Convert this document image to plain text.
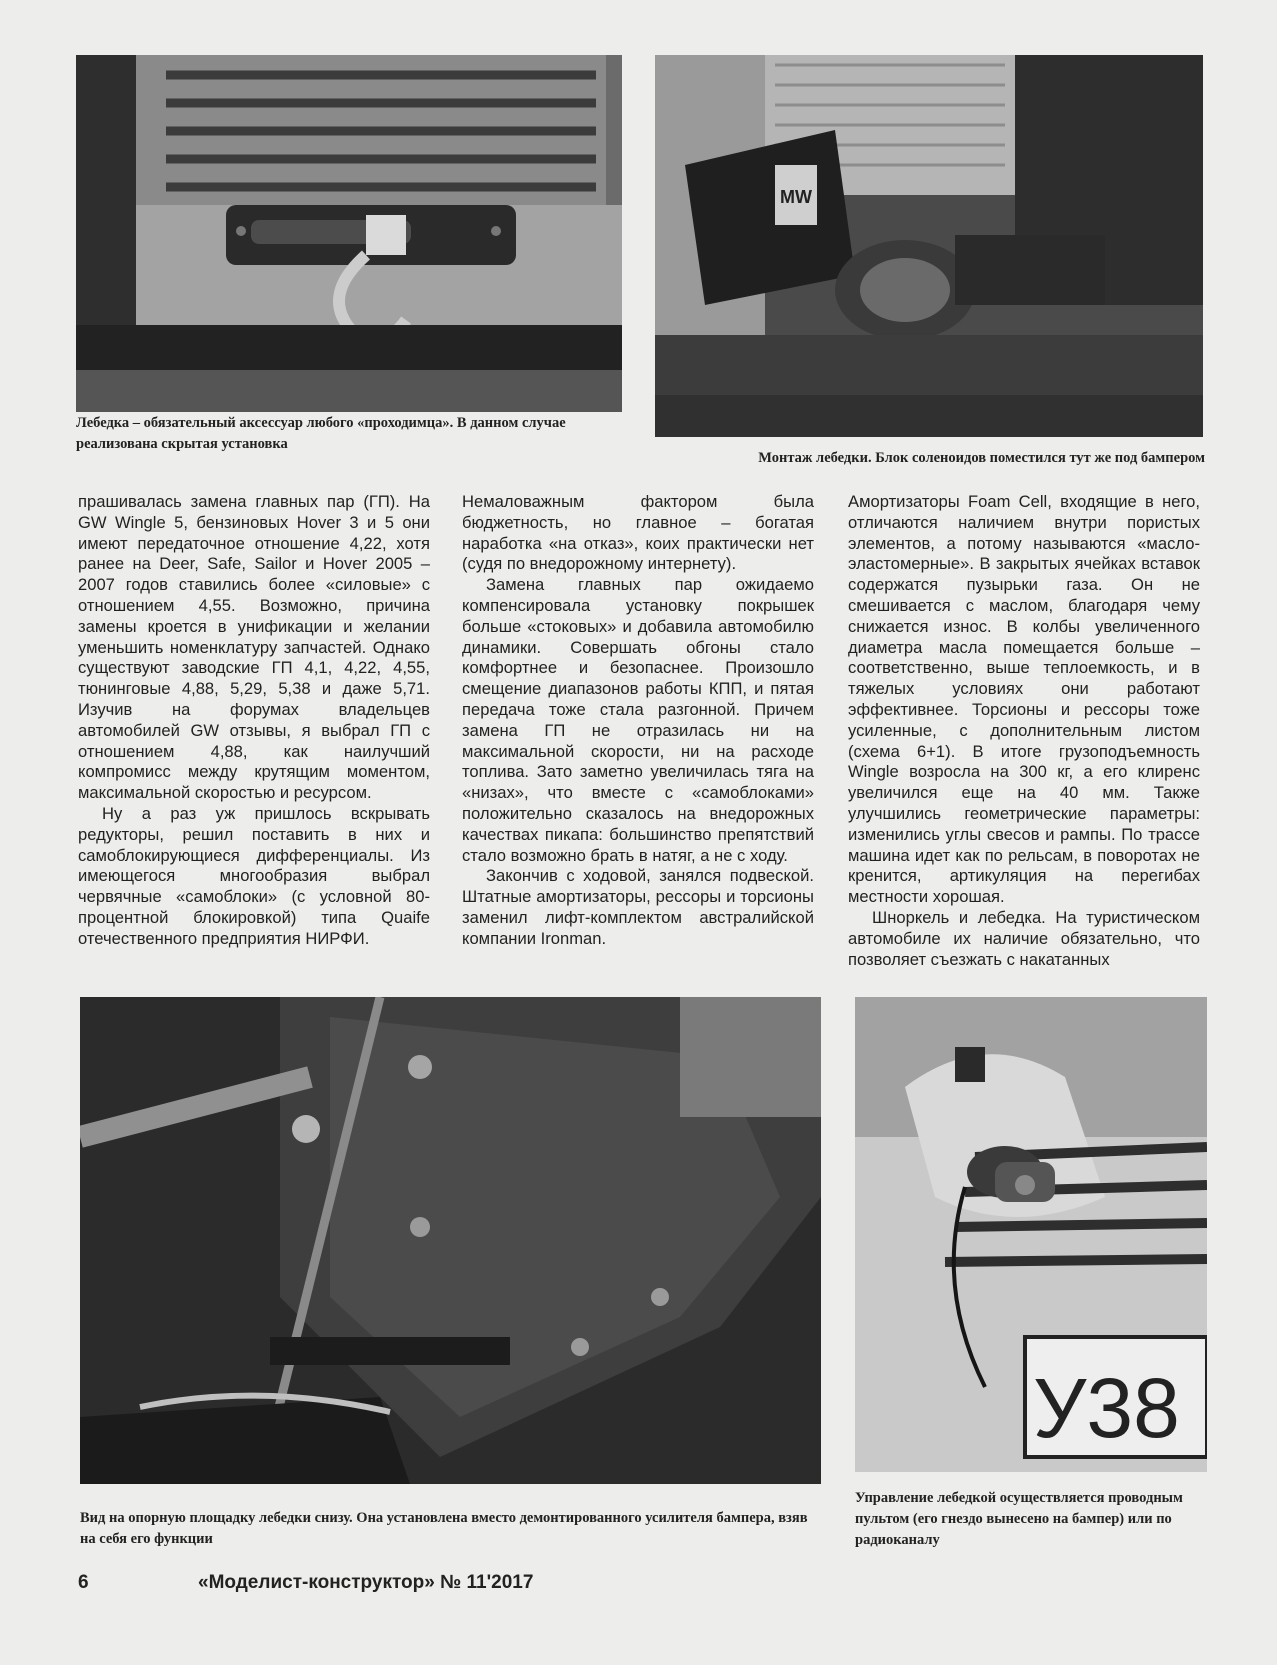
MW
Лебедка – обязательный аксессуар любого «проходимца». В данном случае реализована скрытая установка
Монтаж лебедки. Блок соленоидов поместился тут же под бампером

прашивалась замена главных пар (ГП). На GW Wingle 5, бензиновых Hover 3 и 5 они имеют передаточное отношение 4,22, хотя ранее на Deer, Safe, Sailor и Hover 2005 – 2007 годов ставились более «силовые» с отношением 4,55. Возможно, причина замены кроется в унификации и желании уменьшить номенклатуру запчастей. Однако существуют заводские ГП 4,1, 4,22, 4,55, тюнинговые 4,88, 5,29, 5,38 и даже 5,71. Изучив на форумах владельцев автомобилей GW отзывы, я выбрал ГП с отношением 4,88, как наилучший компромисс между крутящим моментом, максимальной скоростью и ресурсом.

Ну а раз уж пришлось вскрывать редукторы, решил поставить в них и самоблокирующиеся дифференциалы. Из имеющегося многообразия выбрал червячные «самоблоки» (с условной 80-процентной блокировкой) типа Quaife отечественного предприятия НИРФИ.

Немаловажным фактором была бюджетность, но главное – богатая наработка «на отказ», коих практически нет (судя по внедорожному интернету).

Замена главных пар ожидаемо компенсировала установку покрышек больше «стоковых» и добавила автомобилю динамики. Совершать обгоны стало комфортнее и безопаснее. Произошло смещение диапазонов работы КПП, и пятая передача тоже стала разгонной. Причем замена ГП не отразилась ни на максимальной скорости, ни на расходе топлива. Зато заметно увеличилась тяга на «низах», что вместе с «самоблоками» положительно сказалось на внедорожных качествах пикапа: большинство препятствий стало возможно брать в натяг, а не с ходу.

Закончив с ходовой, занялся подвеской. Штатные амортизаторы, рессоры и торсионы заменил лифт-комплектом австралийской компании Ironman.

Амортизаторы Foam Cell, входящие в него, отличаются наличием внутри пористых элементов, а потому называются «масло-эластомерные». В закрытых ячейках вставок содержатся пузырьки газа. Он не смешивается с маслом, благодаря чему снижается износ. В колбы увеличенного диаметра масла помещается больше – соответственно, выше теплоемкость, и в тяжелых условиях они работают эффективнее. Торсионы и рессоры тоже усиленные, с дополнительным листом (схема 6+1). В итоге грузоподъемность Wingle возросла на 300 кг, а его клиренс увеличился еще на 40 мм. Также улучшились геометрические параметры: изменились углы свесов и рампы. По трассе машина идет как по рельсам, в поворотах не кренится, артикуляция на перегибах местности хорошая.

Шноркель и лебедка. На туристическом автомобиле их наличие обязательно, что позволяет съезжать с накатанных

У38
Вид на опорную площадку лебедки снизу. Она установлена вместо демонтированного усилителя бампера, взяв на себя его функции
Управление лебедкой осуществляется проводным пультом (его гнездо вынесено на бампер) или по радиоканалу
6	«Моделист-конструктор» № 11'2017
